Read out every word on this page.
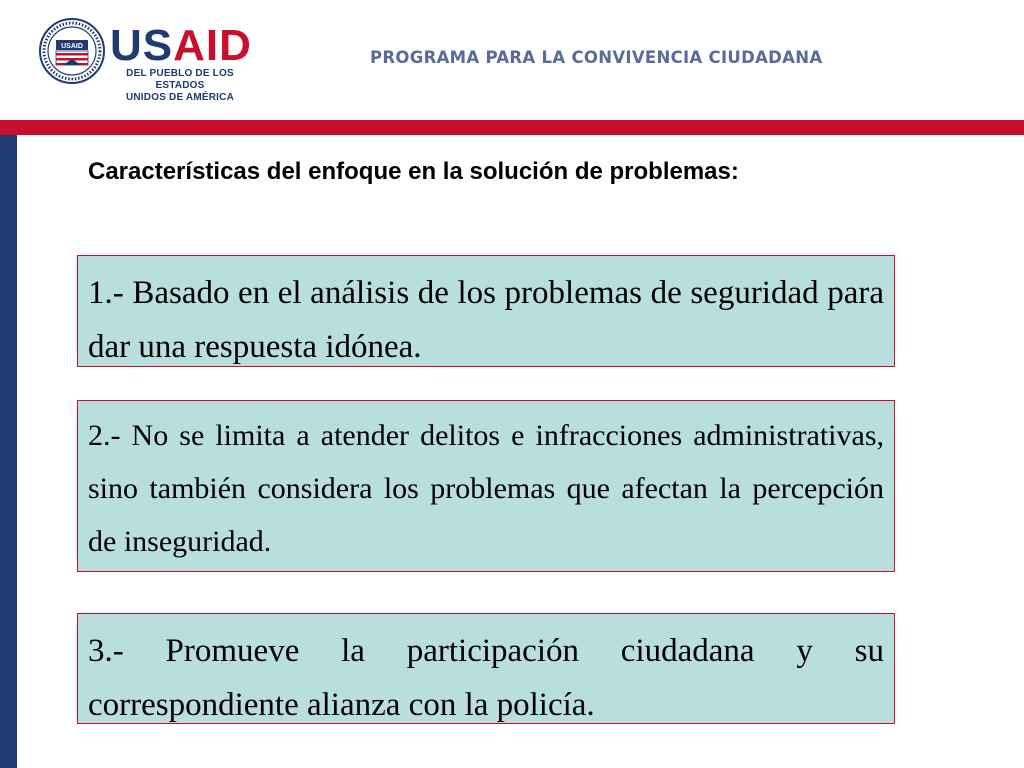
USAID USAID
DEL PUEBLO DE LOS ESTADOS
UNIDOS DE AMÉRICA
PROGRAMA PARA LA CONVIVENCIA CIUDADANA
Características del enfoque en la solución de problemas:

1.- Basado en el análisis de los problemas de seguridad para dar una respuesta idónea.

2.- No se limita a atender delitos e infracciones administrativas, sino también considera los problemas que afectan la percepción de inseguridad.

3.- Promueve la participación ciudadana y su correspondiente alianza con la policía.
